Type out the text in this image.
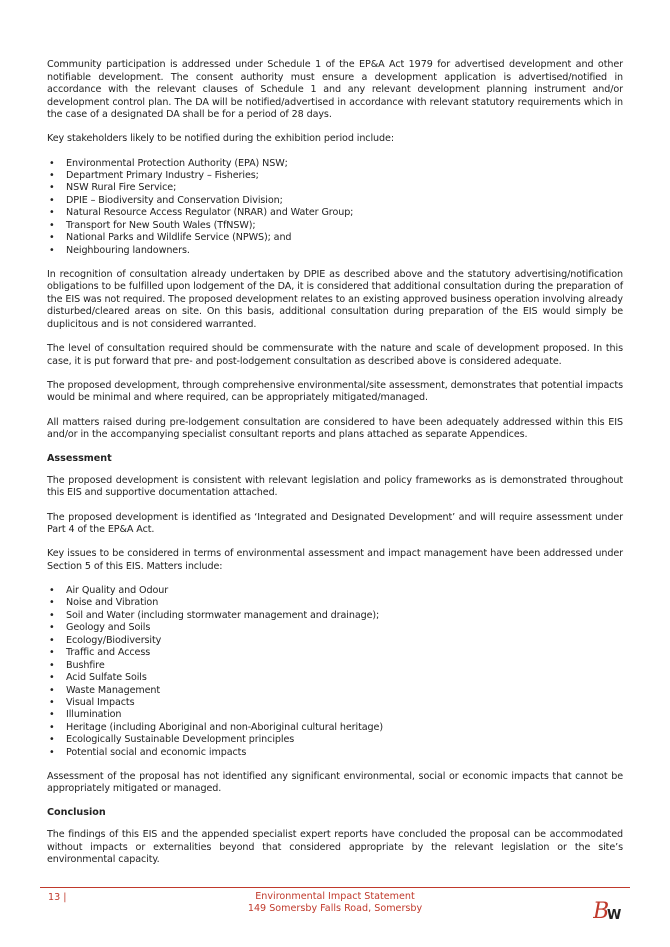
Community participation is addressed under Schedule 1 of the EP&A Act 1979 for advertised development and other notifiable development. The consent authority must ensure a development application is advertised/notified in accordance with the relevant clauses of Schedule 1 and any relevant development planning instrument and/or development control plan. The DA will be notified/advertised in accordance with relevant statutory requirements which in the case of a designated DA shall be for a period of 28 days.

Key stakeholders likely to be notified during the exhibition period include:

• Environmental Protection Authority (EPA) NSW;
• Department Primary Industry – Fisheries;
• NSW Rural Fire Service;
• DPIE – Biodiversity and Conservation Division;
• Natural Resource Access Regulator (NRAR) and Water Group;
• Transport for New South Wales (TfNSW);
• National Parks and Wildlife Service (NPWS); and
• Neighbouring landowners.

In recognition of consultation already undertaken by DPIE as described above and the statutory advertising/notification obligations to be fulfilled upon lodgement of the DA, it is considered that additional consultation during the preparation of the EIS was not required. The proposed development relates to an existing approved business operation involving already disturbed/cleared areas on site. On this basis, additional consultation during preparation of the EIS would simply be duplicitous and is not considered warranted.

The level of consultation required should be commensurate with the nature and scale of development proposed. In this case, it is put forward that pre- and post-lodgement consultation as described above is considered adequate.

The proposed development, through comprehensive environmental/site assessment, demonstrates that potential impacts would be minimal and where required, can be appropriately mitigated/managed.

All matters raised during pre-lodgement consultation are considered to have been adequately addressed within this EIS and/or in the accompanying specialist consultant reports and plans attached as separate Appendices.

Assessment

The proposed development is consistent with relevant legislation and policy frameworks as is demonstrated throughout this EIS and supportive documentation attached.

The proposed development is identified as ‘Integrated and Designated Development’ and will require assessment under Part 4 of the EP&A Act.

Key issues to be considered in terms of environmental assessment and impact management have been addressed under Section 5 of this EIS. Matters include:

• Air Quality and Odour
• Noise and Vibration
• Soil and Water (including stormwater management and drainage);
• Geology and Soils
• Ecology/Biodiversity
• Traffic and Access
• Bushfire
• Acid Sulfate Soils
• Waste Management
• Visual Impacts
• Illumination
• Heritage (including Aboriginal and non-Aboriginal cultural heritage)
• Ecologically Sustainable Development principles
• Potential social and economic impacts

Assessment of the proposal has not identified any significant environmental, social or economic impacts that cannot be appropriately mitigated or managed.

Conclusion

The findings of this EIS and the appended specialist expert reports have concluded the proposal can be accommodated without impacts or externalities beyond that considered appropriate by the relevant legislation or the site’s environmental capacity.

13 |	Environmental Impact Statement
149 Somersby Falls Road, Somersby	B
W
